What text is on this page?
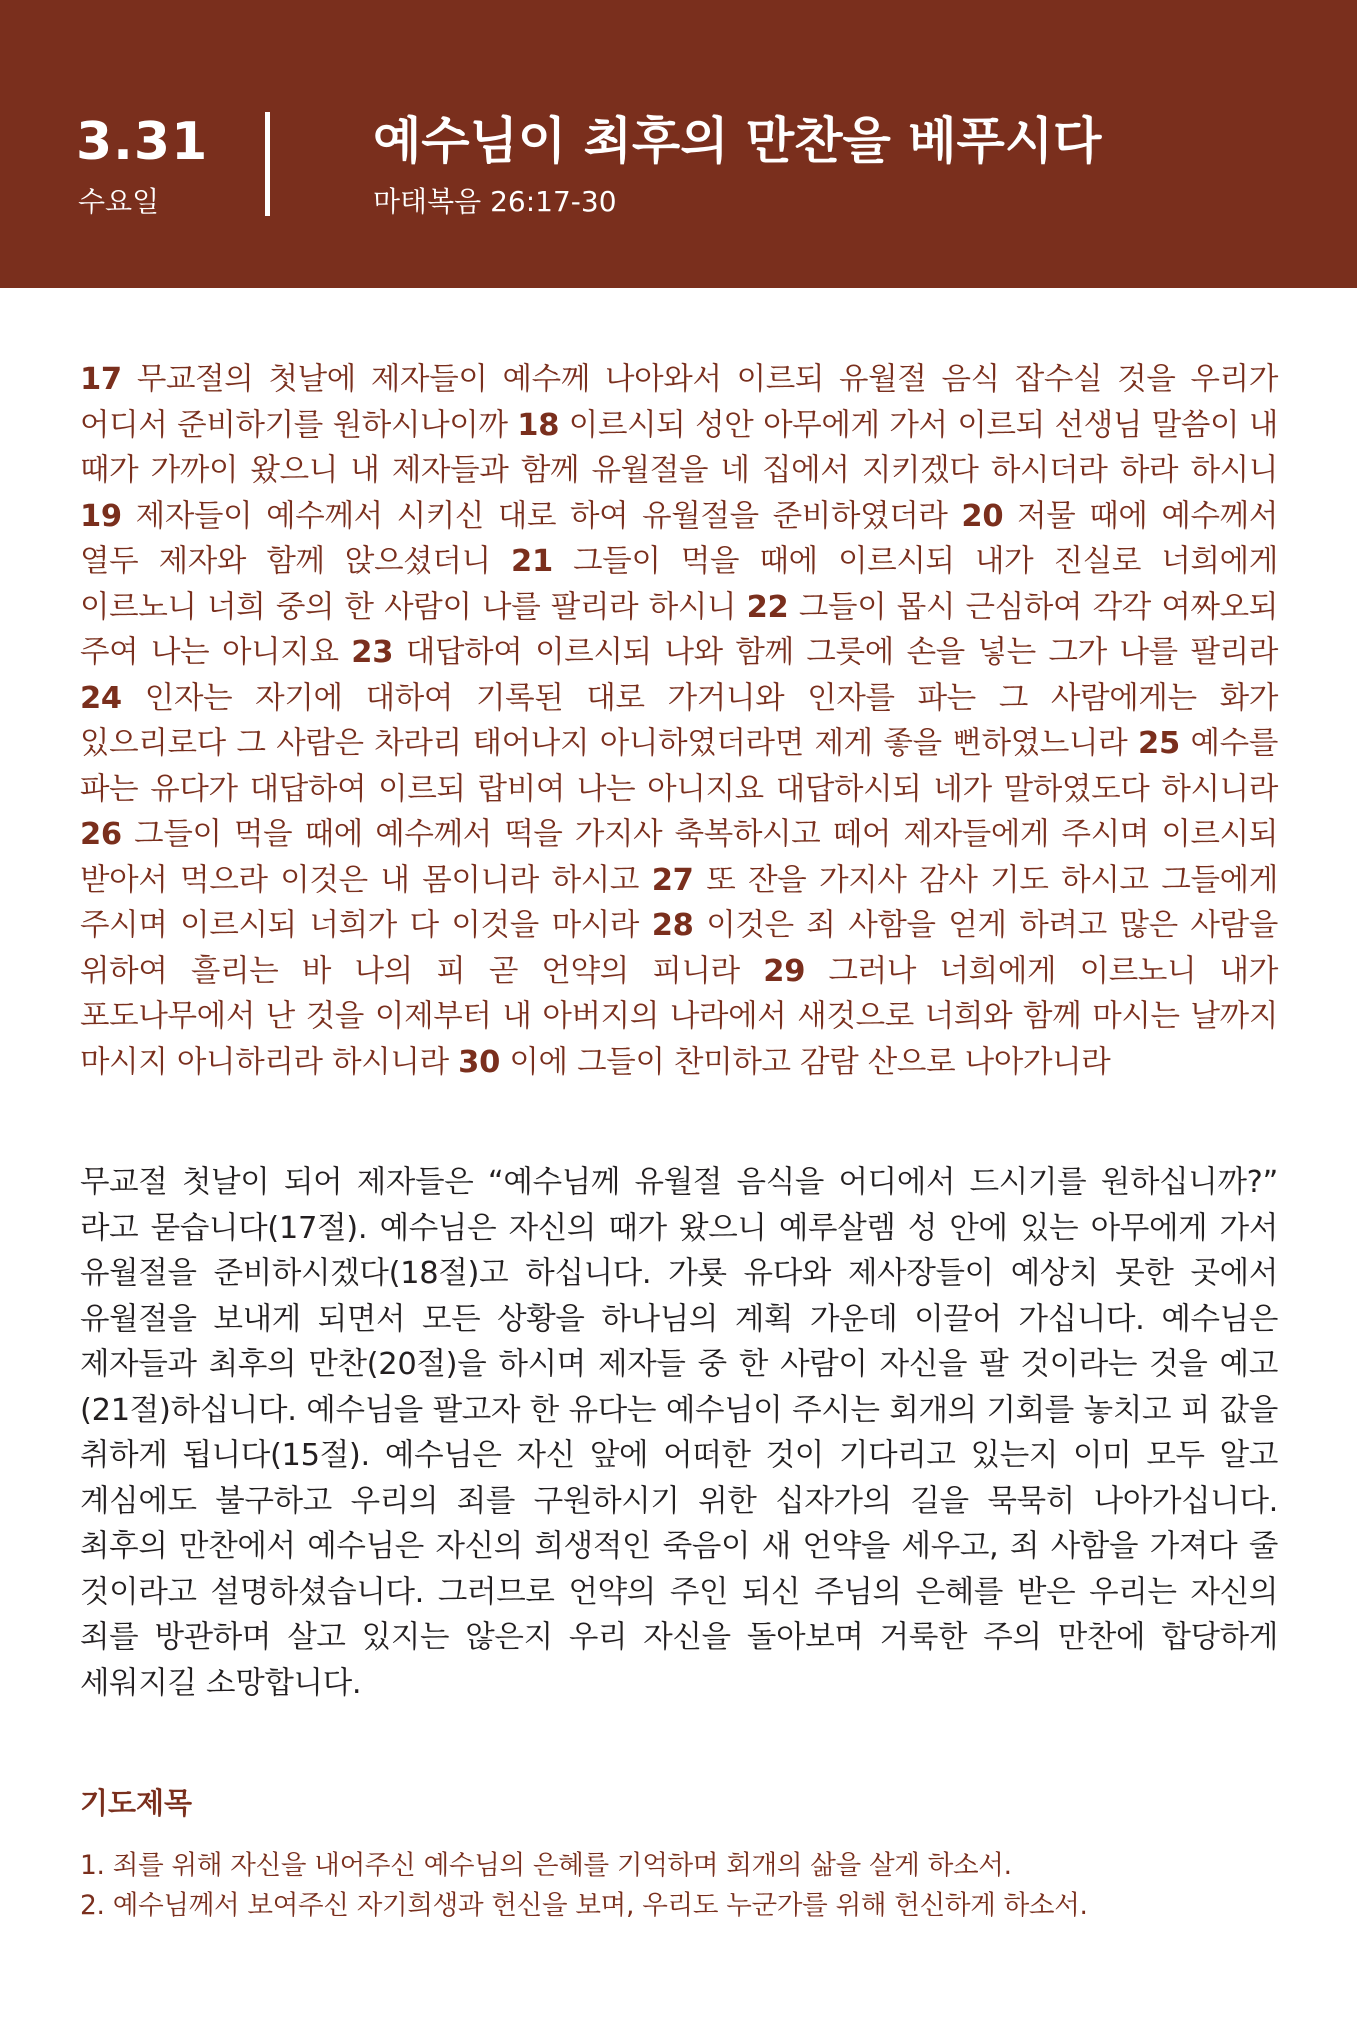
3.31
수요일
예수님이 최후의 만찬을 베푸시다
마태복음 26:17-30
17 무교절의 첫날에 제자들이 예수께 나아와서 이르되 유월절 음식 잡수실 것을 우리가 어디서 준비하기를 원하시나이까 18 이르시되 성안 아무에게 가서 이르되 선생님 말씀이 내 때가 가까이 왔으니 내 제자들과 함께 유월절을 네 집에서 지키겠다 하시더라 하라 하시니 19 제자들이 예수께서 시키신 대로 하여 유월절을 준비하였더라 20 저물 때에 예수께서 열두 제자와 함께 앉으셨더니 21 그들이 먹을 때에 이르시되 내가 진실로 너희에게 이르노니 너희 중의 한 사람이 나를 팔리라 하시니 22 그들이 몹시 근심하여 각각 여짜오되 주여 나는 아니지요 23 대답하여 이르시되 나와 함께 그릇에 손을 넣는 그가 나를 팔리라 24 인자는 자기에 대하여 기록된 대로 가거니와 인자를 파는 그 사람에게는 화가 있으리로다 그 사람은 차라리 태어나지 아니하였더라면 제게 좋을 뻔하였느니라 25 예수를 파는 유다가 대답하여 이르되 랍비여 나는 아니지요 대답하시되 네가 말하였도다 하시니라 26 그들이 먹을 때에 예수께서 떡을 가지사 축복하시고 떼어 제자들에게 주시며 이르시되 받아서 먹으라 이것은 내 몸이니라 하시고 27 또 잔을 가지사 감사 기도 하시고 그들에게 주시며 이르시되 너희가 다 이것을 마시라 28 이것은 죄 사함을 얻게 하려고 많은 사람을 위하여 흘리는 바 나의 피 곧 언약의 피니라 29 그러나 너희에게 이르노니 내가 포도나무에서 난 것을 이제부터 내 아버지의 나라에서 새것으로 너희와 함께 마시는 날까지 마시지 아니하리라 하시니라 30 이에 그들이 찬미하고 감람 산으로 나아가니라
무교절 첫날이 되어 제자들은 “예수님께 유월절 음식을 어디에서 드시기를 원하십니까?” 라고 묻습니다(17절). 예수님은 자신의 때가 왔으니 예루살렘 성 안에 있는 아무에게 가서 유월절을 준비하시겠다(18절)고 하십니다. 가룟 유다와 제사장들이 예상치 못한 곳에서 유월절을 보내게 되면서 모든 상황을 하나님의 계획 가운데 이끌어 가십니다. 예수님은 제자들과 최후의 만찬(20절)을 하시며 제자들 중 한 사람이 자신을 팔 것이라는 것을 예고(21절)하십니다. 예수님을 팔고자 한 유다는 예수님이 주시는 회개의 기회를 놓치고 피 값을 취하게 됩니다(15절). 예수님은 자신 앞에 어떠한 것이 기다리고 있는지 이미 모두 알고 계심에도 불구하고 우리의 죄를 구원하시기 위한 십자가의 길을 묵묵히 나아가십니다. 최후의 만찬에서 예수님은 자신의 희생적인 죽음이 새 언약을 세우고, 죄 사함을 가져다 줄 것이라고 설명하셨습니다. 그러므로 언약의 주인 되신 주님의 은혜를 받은 우리는 자신의 죄를 방관하며 살고 있지는 않은지 우리 자신을 돌아보며 거룩한 주의 만찬에 합당하게 세워지길 소망합니다.
기도제목
1. 죄를 위해 자신을 내어주신 예수님의 은혜를 기억하며 회개의 삶을 살게 하소서.
2. 예수님께서 보여주신 자기희생과 헌신을 보며, 우리도 누군가를 위해 헌신하게 하소서.
